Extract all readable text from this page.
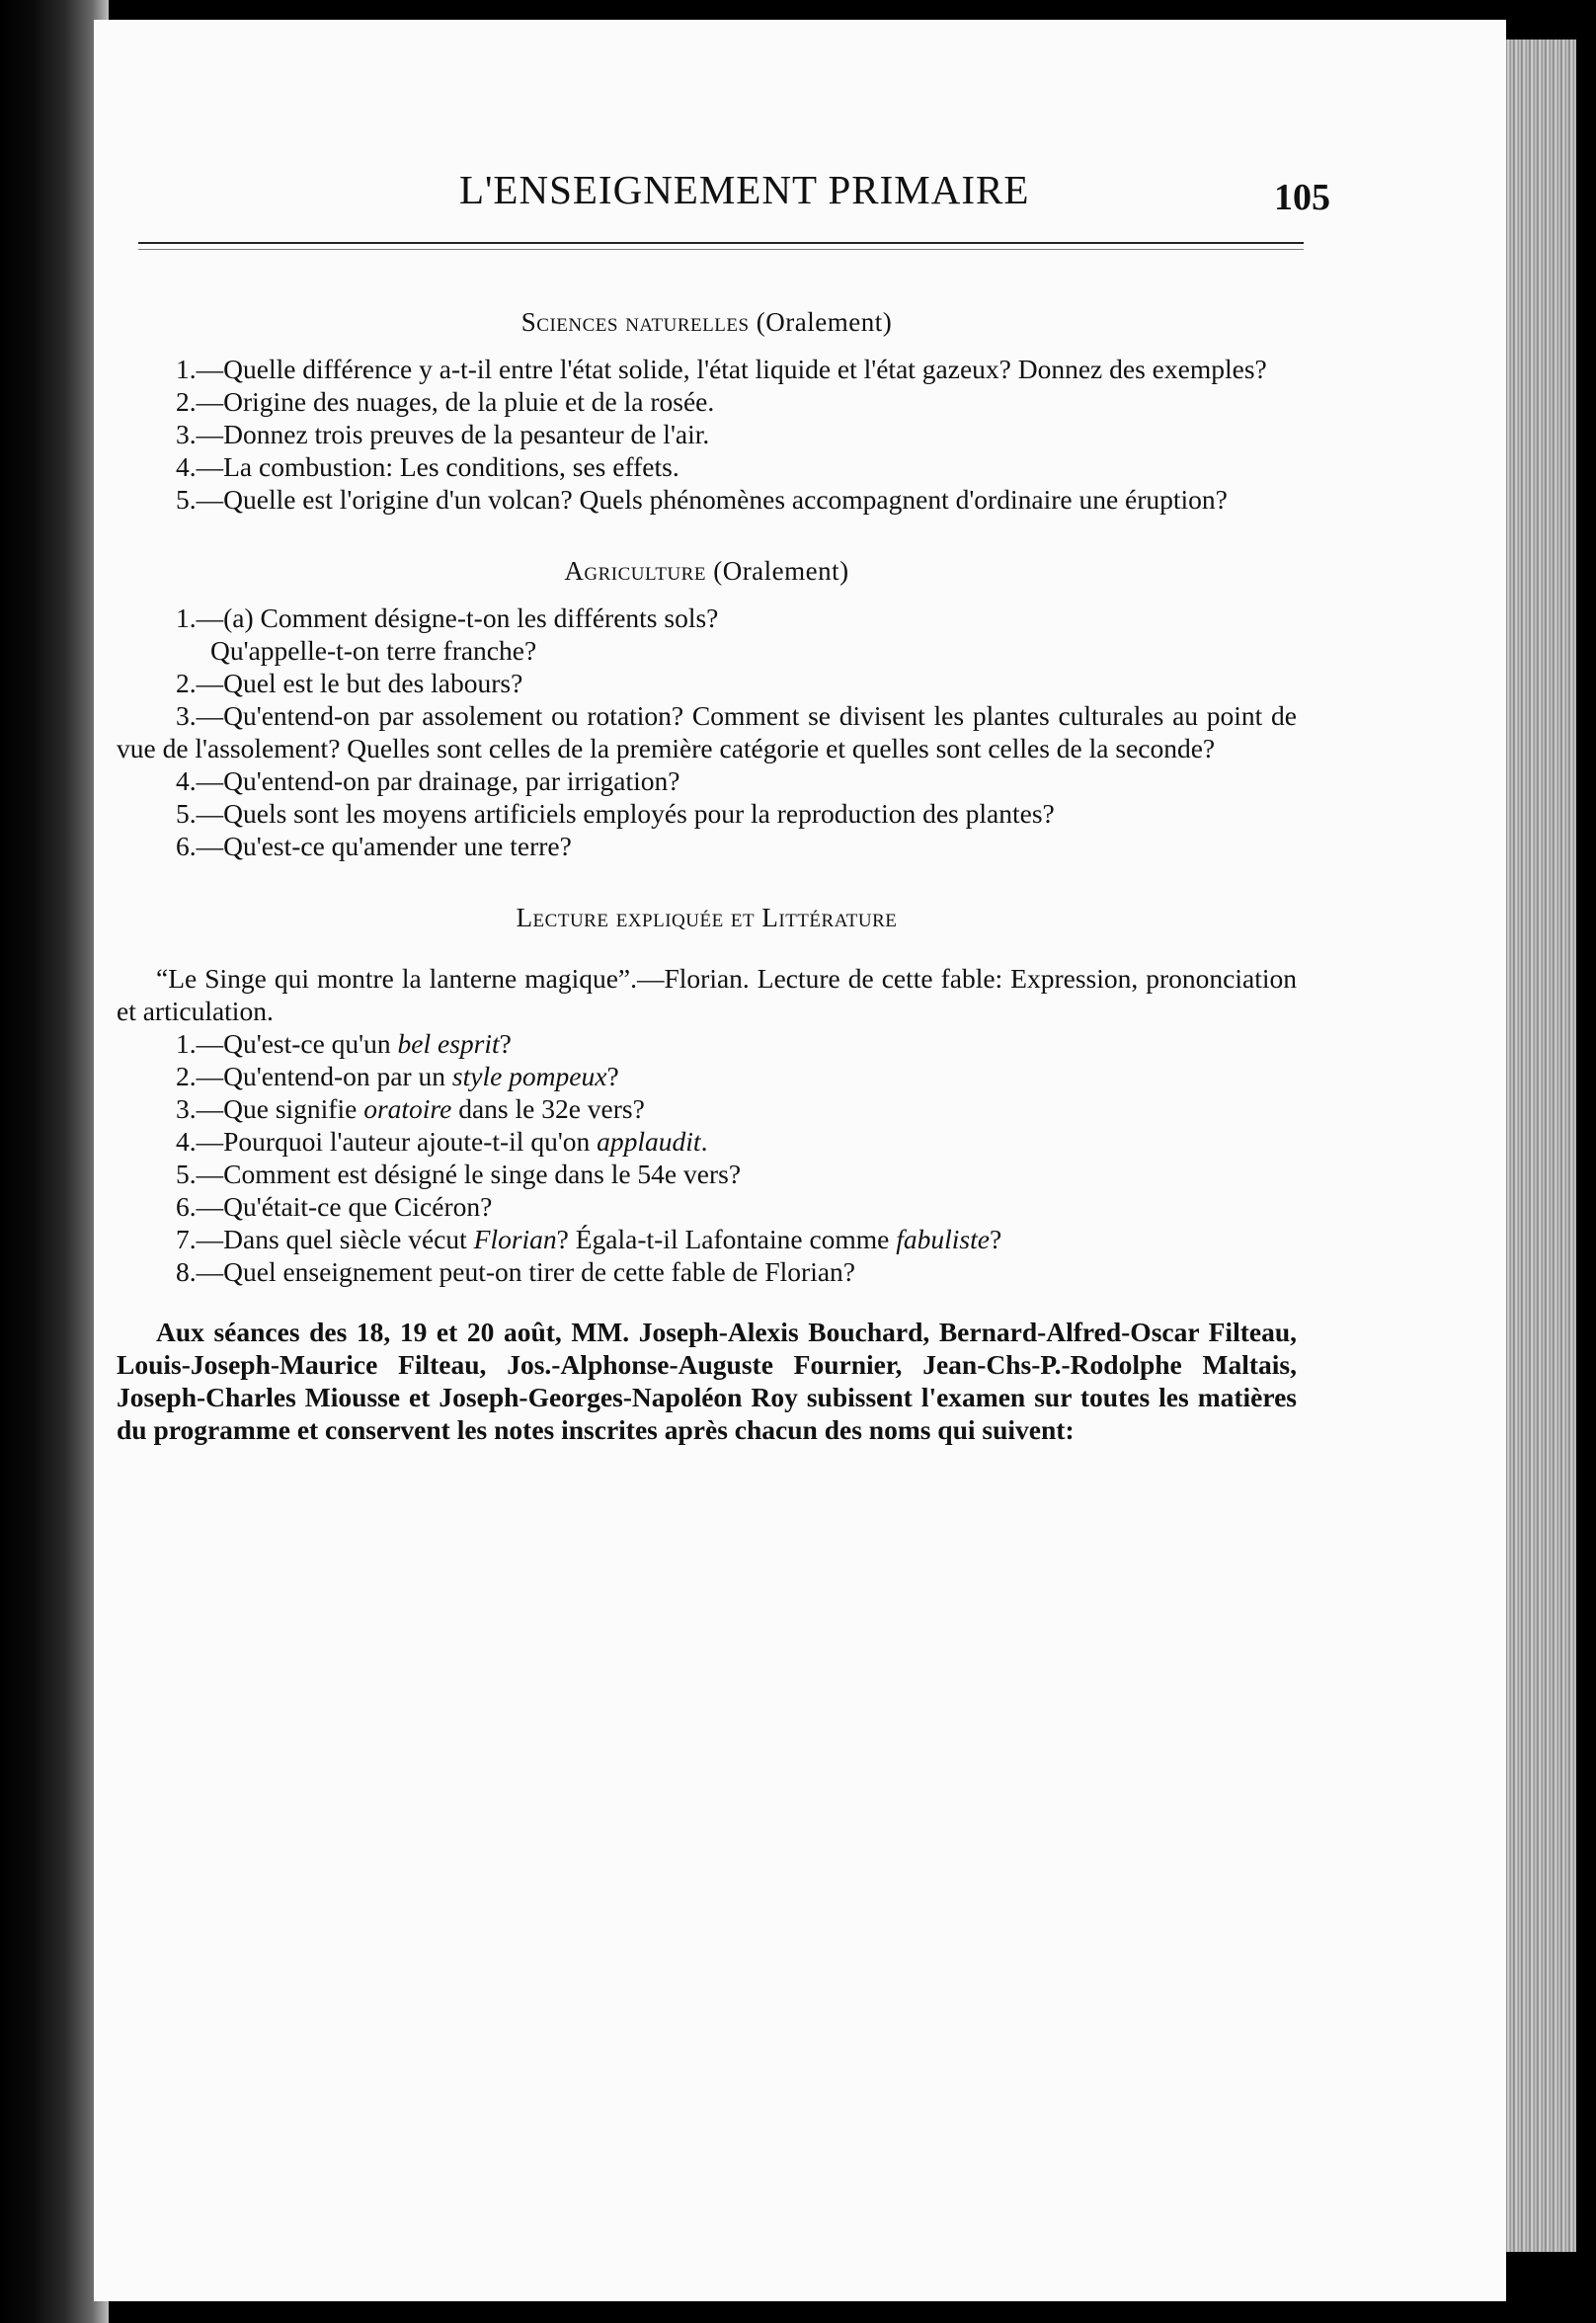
L'ENSEIGNEMENT PRIMAIRE	105
Sciences naturelles (Oralement)

1.—Quelle différence y a-t-il entre l'état solide, l'état liquide et l'état gazeux? Donnez des exemples?

2.—Origine des nuages, de la pluie et de la rosée.

3.—Donnez trois preuves de la pesanteur de l'air.

4.—La combustion: Les conditions, ses effets.

5.—Quelle est l'origine d'un volcan? Quels phénomènes accompagnent d'ordinaire une éruption?

Agriculture (Oralement)

1.—(a) Comment désigne-t-on les différents sols?

Qu'appelle-t-on terre franche?

2.—Quel est le but des labours?

3.—Qu'entend-on par assolement ou rotation? Comment se divisent les plantes culturales au point de vue de l'assolement? Quelles sont celles de la première catégorie et quelles sont celles de la seconde?

4.—Qu'entend-on par drainage, par irrigation?

5.—Quels sont les moyens artificiels employés pour la reproduction des plantes?

6.—Qu'est-ce qu'amender une terre?

Lecture expliquée et Littérature

“Le Singe qui montre la lanterne magique”.—Florian. Lecture de cette fable: Expression, prononciation et articulation.

1.—Qu'est-ce qu'un bel esprit?

2.—Qu'entend-on par un style pompeux?

3.—Que signifie oratoire dans le 32e vers?

4.—Pourquoi l'auteur ajoute-t-il qu'on applaudit.

5.—Comment est désigné le singe dans le 54e vers?

6.—Qu'était-ce que Cicéron?

7.—Dans quel siècle vécut Florian? Égala-t-il Lafontaine comme fabuliste?

8.—Quel enseignement peut-on tirer de cette fable de Florian?

Aux séances des 18, 19 et 20 août, MM. Joseph-Alexis Bouchard, Bernard-Alfred-Oscar Filteau, Louis-Joseph-Maurice Filteau, Jos.-Alphonse-Auguste Fournier, Jean-Chs-P.-Rodolphe Maltais, Joseph-Charles Miousse et Joseph-Georges-Napoléon Roy subissent l'examen sur toutes les matières du programme et conservent les notes inscrites après chacun des noms qui suivent:
